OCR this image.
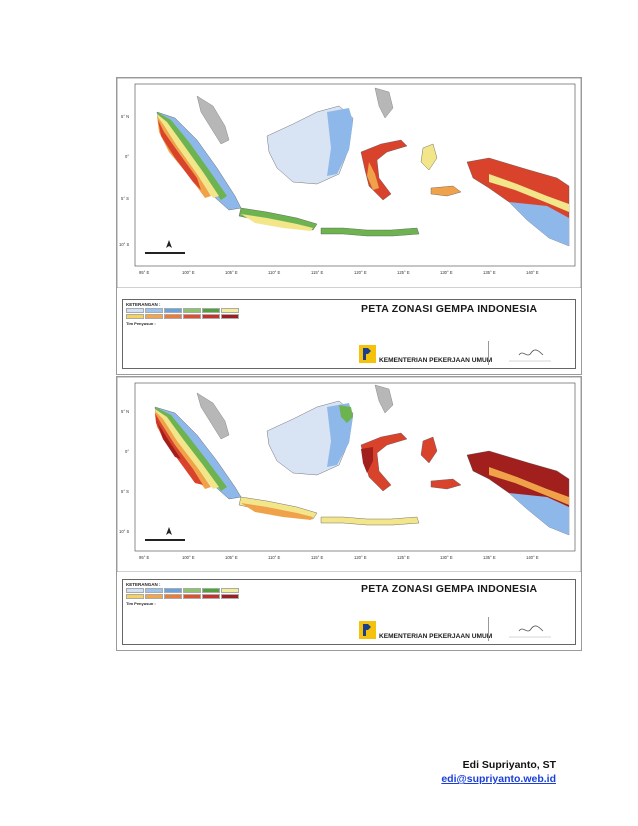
5° N
0°
5° S
10° S
95° E	100° E	105° E	110° E	115° E	120° E	125° E	130° E	135° E	140° E
KETERANGAN :
Tim Penyusun :
PETA ZONASI GEMPA INDONESIA
KEMENTERIAN PEKERJAAN UMUM
5° N
0°
5° S
10° S
95° E	100° E	105° E	110° E	115° E	120° E	125° E	130° E	135° E	140° E
KETERANGAN :
Tim Penyusun :
PETA ZONASI GEMPA INDONESIA
KEMENTERIAN PEKERJAAN UMUM
Edi Supriyanto, ST
edi@supriyanto.web.id
